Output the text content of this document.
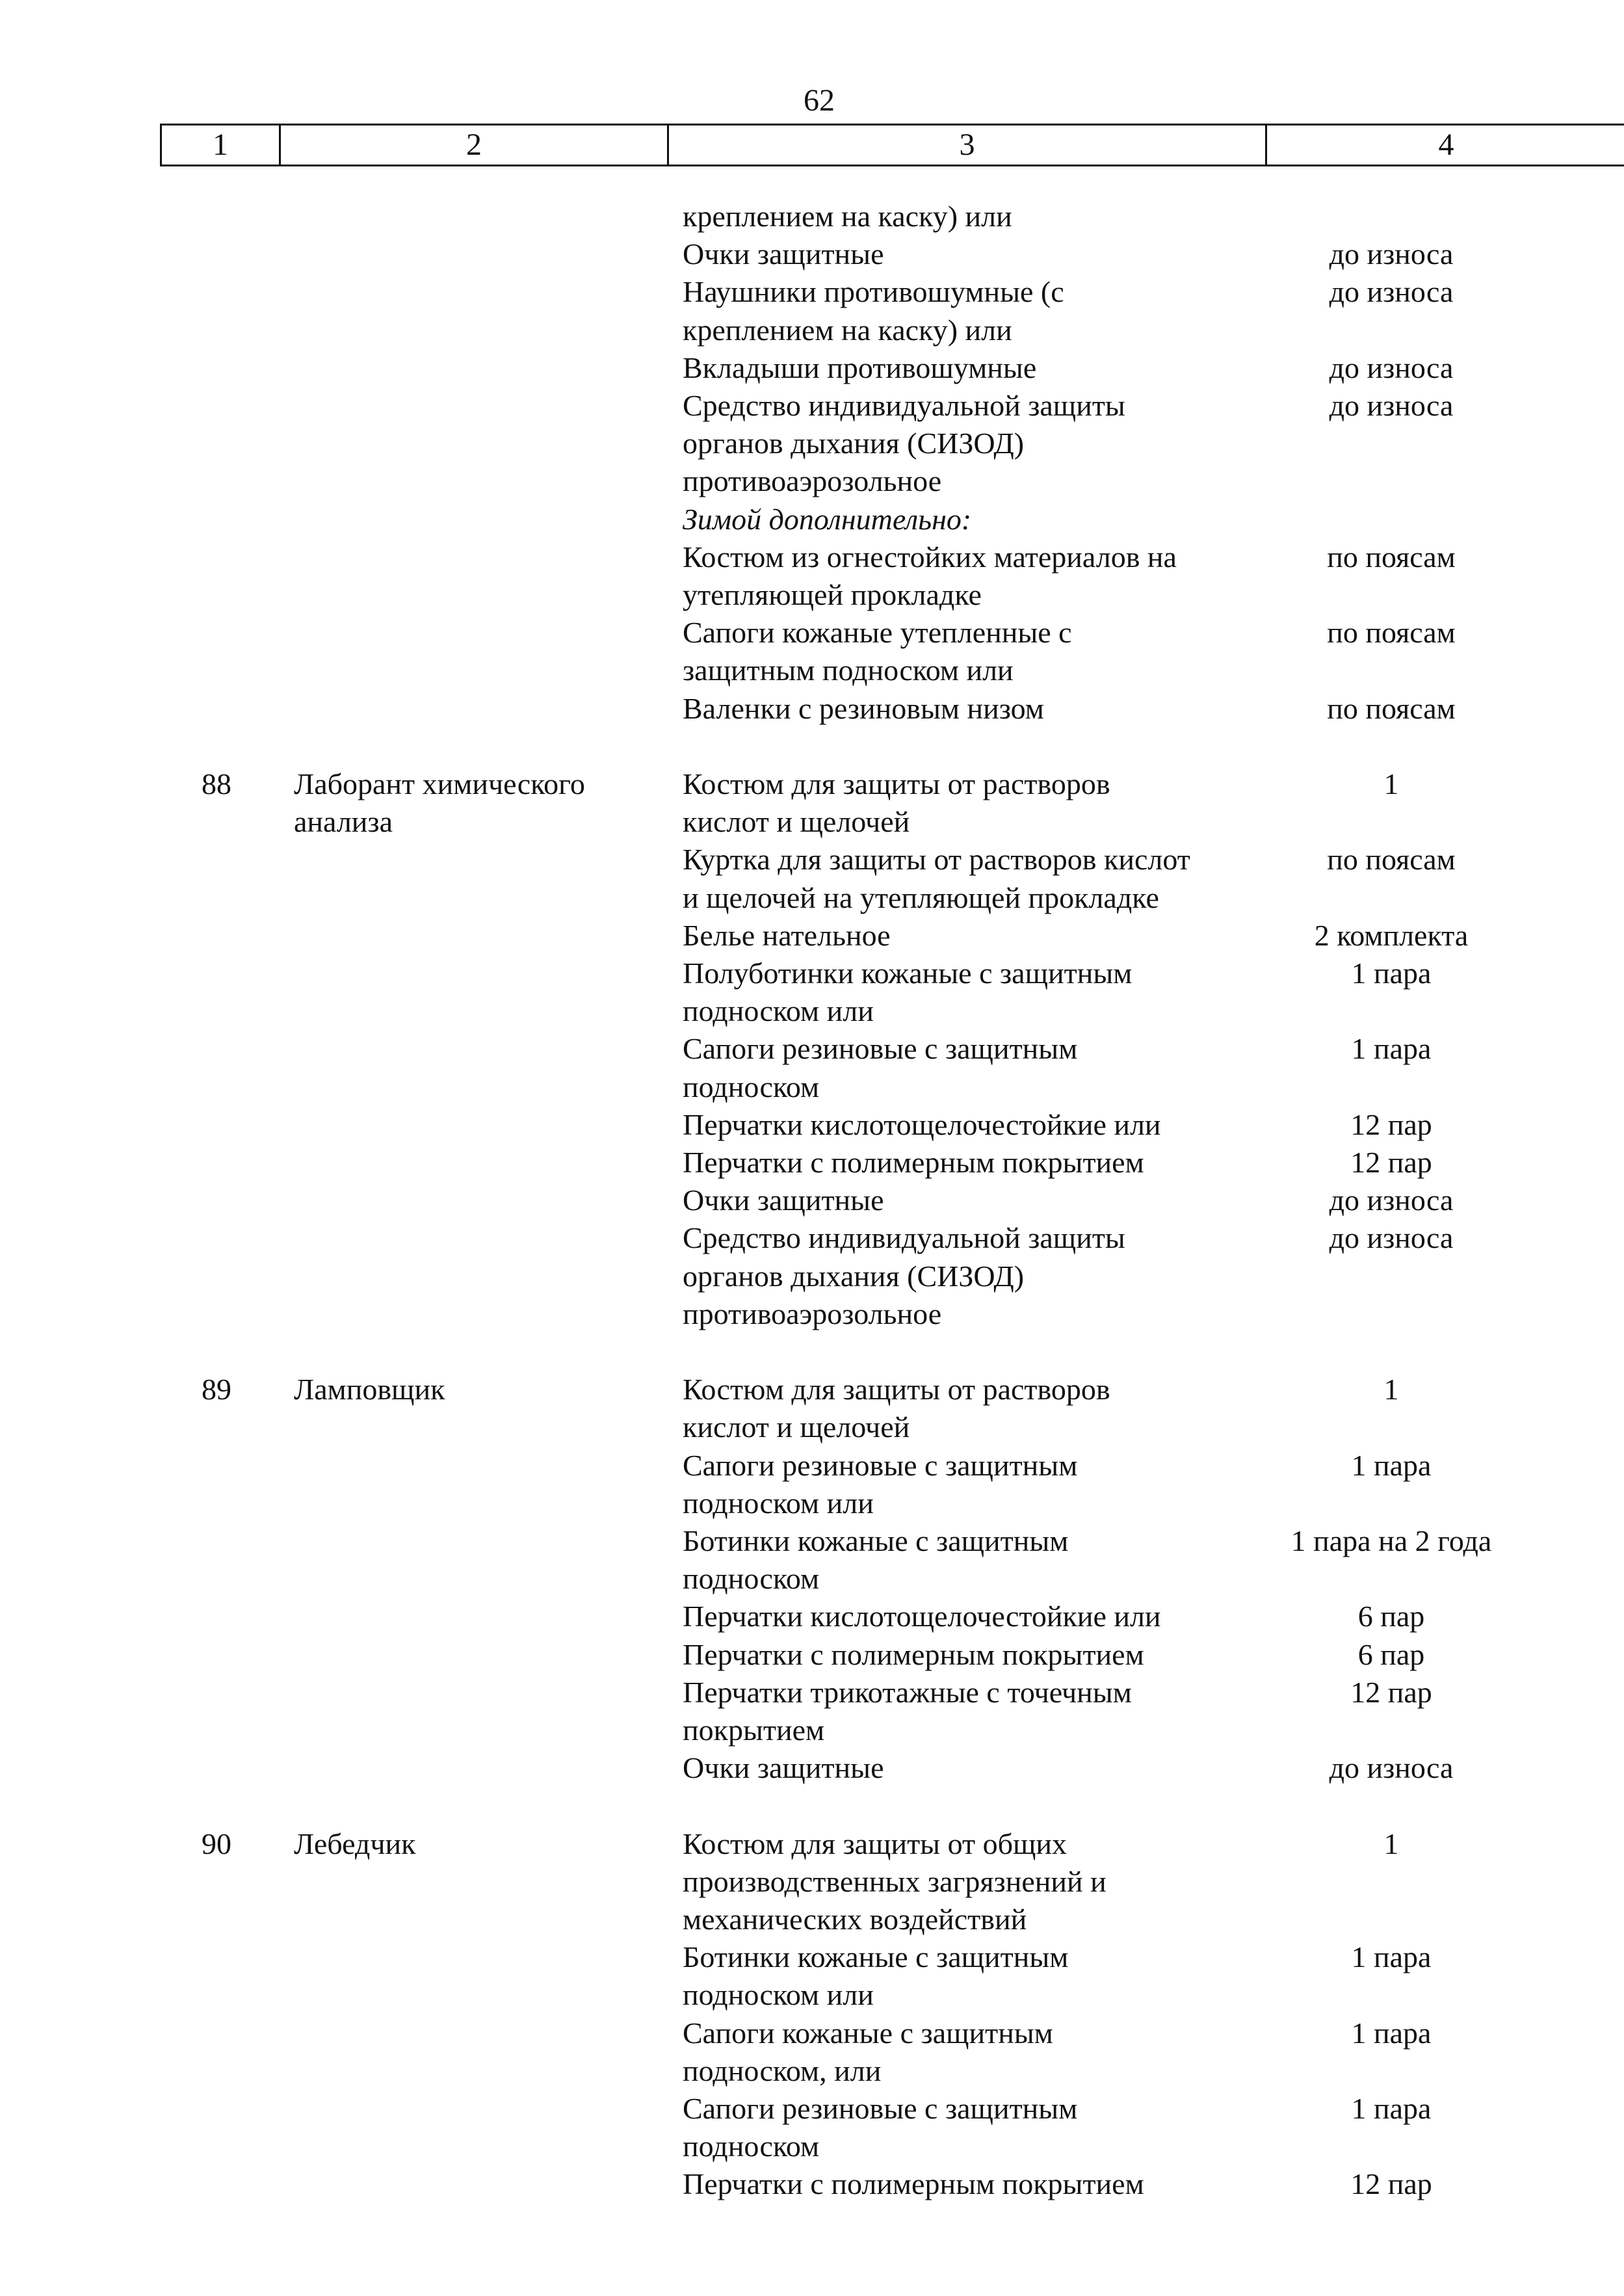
62
1	2	3	4
креплением на каску) или
Очки защитные	до износа
Наушники противошумные (с	до износа
креплением на каску) или
Вкладыши противошумные	до износа
Средство индивидуальной защиты	до износа
органов дыхания (СИЗОД)
противоаэрозольное
Зимой дополнительно:
Костюм из огнестойких материалов на	по поясам
утепляющей прокладке
Сапоги кожаные утепленные с	по поясам
защитным подноском или
Валенки с резиновым низом	по поясам
88 Лаборант химического	Костюм для защиты от растворов	1
анализа	кислот и щелочей
Куртка для защиты от растворов кислот	по поясам
и щелочей на утепляющей прокладке
Белье нательное	2 комплекта
Полуботинки кожаные с защитным	1 пара
подноском или
Сапоги резиновые с защитным	1 пара
подноском
Перчатки кислотощелочестойкие или	12 пар
Перчатки с полимерным покрытием	12 пар
Очки защитные	до износа
Средство индивидуальной защиты	до износа
органов дыхания (СИЗОД)
противоаэрозольное
89 Ламповщик	Костюм для защиты от растворов	1
кислот и щелочей
Сапоги резиновые с защитным	1 пара
подноском или
Ботинки кожаные с защитным	1 пара на 2 года
подноском
Перчатки кислотощелочестойкие или	6 пар
Перчатки с полимерным покрытием	6 пар
Перчатки трикотажные с точечным	12 пар
покрытием
Очки защитные	до износа
90 Лебедчик	Костюм для защиты от общих	1
производственных загрязнений и
механических воздействий
Ботинки кожаные с защитным	1 пара
подноском или
Сапоги кожаные с защитным	1 пара
подноском, или
Сапоги резиновые с защитным	1 пара
подноском
Перчатки с полимерным покрытием	12 пар
